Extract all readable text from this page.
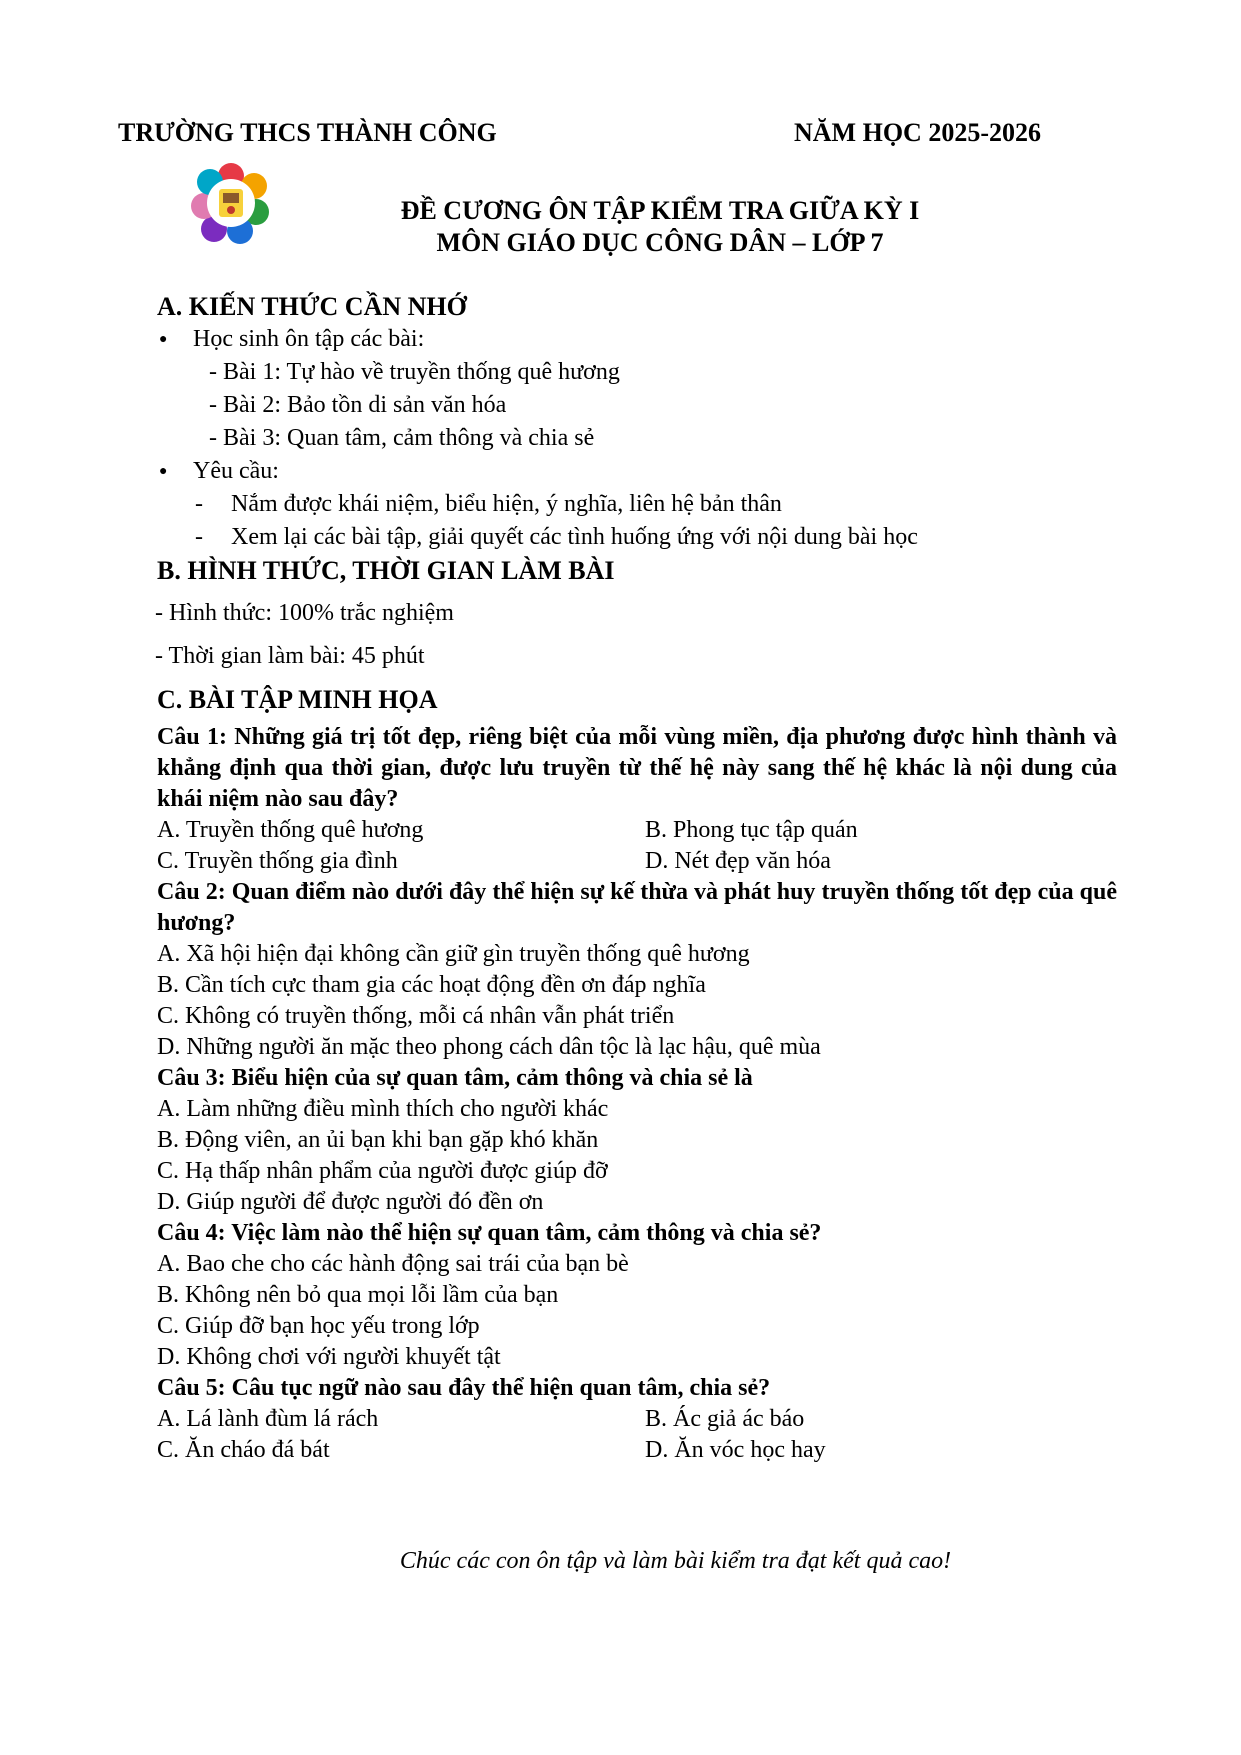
TRƯỜNG THCS THÀNH CÔNG	NĂM HỌC 2025-2026
ĐỀ CƯƠNG ÔN TẬP KIỂM TRA GIỮA KỲ I
MÔN GIÁO DỤC CÔNG DÂN – LỚP 7
A. KIẾN THỨC CẦN NHỚ
● Học sinh ôn tập các bài:
- Bài 1: Tự hào về truyền thống quê hương
- Bài 2: Bảo tồn di sản văn hóa
- Bài 3: Quan tâm, cảm thông và chia sẻ
● Yêu cầu:
- Nắm được khái niệm, biểu hiện, ý nghĩa, liên hệ bản thân
- Xem lại các bài tập, giải quyết các tình huống ứng với nội dung bài học
B. HÌNH THỨC, THỜI GIAN LÀM BÀI
- Hình thức: 100% trắc nghiệm
- Thời gian làm bài: 45 phút
C. BÀI TẬP MINH HỌA
Câu 1: Những giá trị tốt đẹp, riêng biệt của mỗi vùng miền, địa phương được hình thành và khẳng định qua thời gian, được lưu truyền từ thế hệ này sang thế hệ khác là nội dung của khái niệm nào sau đây?
A. Truyền thống quê hương	B. Phong tục tập quán
C. Truyền thống gia đình	D. Nét đẹp văn hóa
Câu 2: Quan điểm nào dưới đây thể hiện sự kế thừa và phát huy truyền thống tốt đẹp của quê hương?
A. Xã hội hiện đại không cần giữ gìn truyền thống quê hương
B. Cần tích cực tham gia các hoạt động đền ơn đáp nghĩa
C. Không có truyền thống, mỗi cá nhân vẫn phát triển
D. Những người ăn mặc theo phong cách dân tộc là lạc hậu, quê mùa
Câu 3: Biểu hiện của sự quan tâm, cảm thông và chia sẻ là
A. Làm những điều mình thích cho người khác
B. Động viên, an ủi bạn khi bạn gặp khó khăn
C. Hạ thấp nhân phẩm của người được giúp đỡ
D. Giúp người để được người đó đền ơn
Câu 4: Việc làm nào thể hiện sự quan tâm, cảm thông và chia sẻ?
A. Bao che cho các hành động sai trái của bạn bè
B. Không nên bỏ qua mọi lỗi lầm của bạn
C. Giúp đỡ bạn học yếu trong lớp
D. Không chơi với người khuyết tật
Câu 5: Câu tục ngữ nào sau đây thể hiện quan tâm, chia sẻ?
A. Lá lành đùm lá rách	B. Ác giả ác báo
C. Ăn cháo đá bát	D. Ăn vóc học hay
Chúc các con ôn tập và làm bài kiểm tra đạt kết quả cao!
